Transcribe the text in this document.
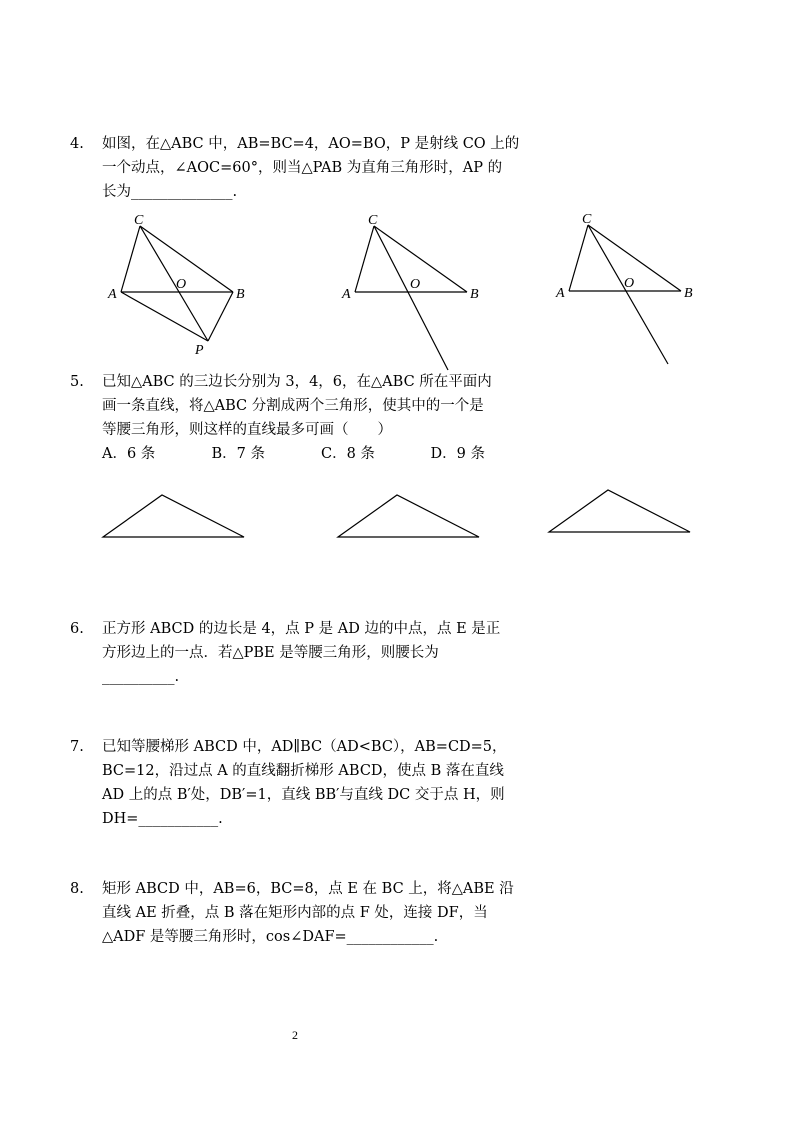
4. 如图，在△ABC 中，AB=BC=4，AO=BO，P 是射线 CO 上的
一个动点，∠AOC=60°，则当△PAB 为直角三角形时，AP 的
长为______________.
C
A
O
B
P
C
A
O
B
C
A
O
B
5. 已知△ABC 的三边长分别为 3，4，6，在△ABC 所在平面内
画一条直线，将△ABC 分割成两个三角形，使其中的一个是
等腰三角形，则这样的直线最多可画（　　）
A．6 条	B．7 条	C．8 条	D．9 条
6. 正方形 ABCD 的边长是 4，点 P 是 AD 边的中点，点 E 是正
方形边上的一点．若△PBE 是等腰三角形，则腰长为
__________.
7. 已知等腰梯形 ABCD 中，AD∥BC（AD<BC），AB=CD=5，
BC=12，沿过点 A 的直线翻折梯形 ABCD，使点 B 落在直线
AD 上的点 B′处，DB′=1，直线 BB′与直线 DC 交于点 H，则
DH=___________.
8. 矩形 ABCD 中，AB=6，BC=8，点 E 在 BC 上，将△ABE 沿
直线 AE 折叠，点 B 落在矩形内部的点 F 处，连接 DF，当
△ADF 是等腰三角形时，cos∠DAF=____________.
2
